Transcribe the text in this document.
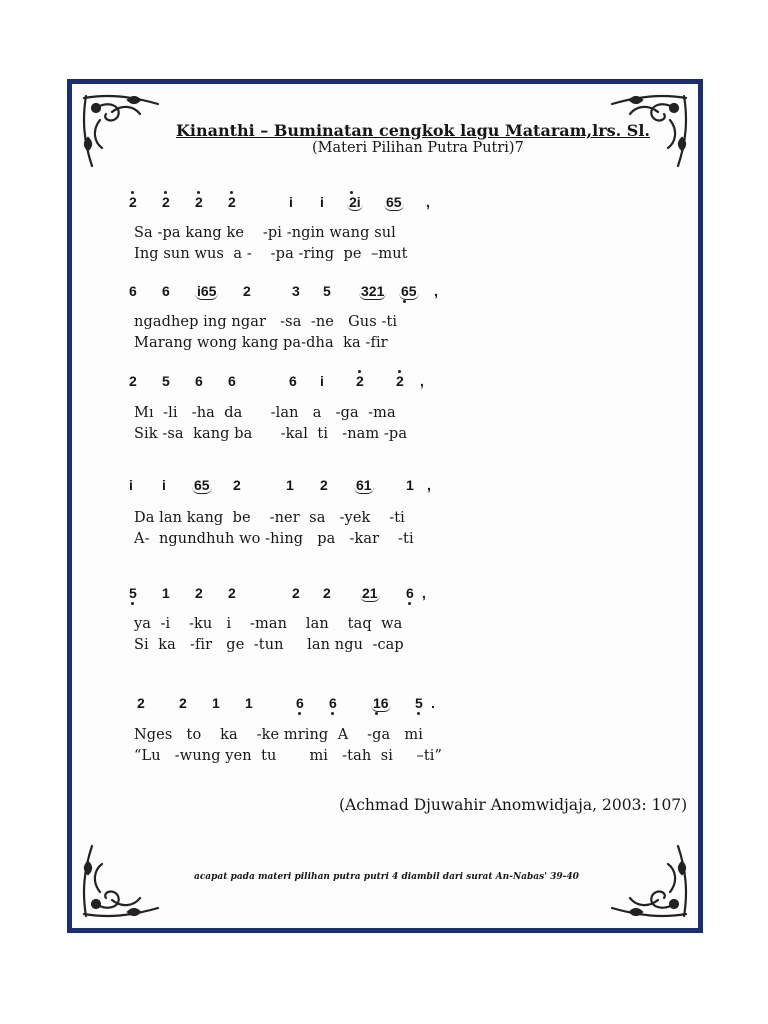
Kinanthi – Buminatan cengkok lagu Mataram,lrs. Sl.
(Materi Pilihan Putra Putri)7
2 2 2 2	i i 2i 65 ,
Sa -pa kang ke    -pi -ngin wang sul
Ing sun wus  a -    -pa -ring  pe  –mut
6 6 i65 2	3 5 321 65 ,
ngadhep ing ngar   -sa  -ne   Gus -ti
Marang wong kang pa-dha  ka -fir
2 5 6 6	6 i 2 2 ,
Mı  -li   -ha  da      -lan   a   -ga  -ma
Sik -sa  kang ba      -kal  ti   -nam -pa
i i 65 2	1 2 61 1 ,
Da lan kang  be    -ner  sa   -yek    -ti
A-  ngundhuh wo -hing   pa   -kar    -ti
5 1 2 2	2 2 21 6 ,
ya  -i    -ku   i    -man    lan    taq  wa
Si  ka   -fir   ge  -tun     lan ngu  -cap
2 2 1 1	6 6	16 5 .
Nges   to    ka    -ke mring  A    -ga   mi
“Lu   -wung yen  tu       mi   -tah  si     –ti”
(Achmad Djuwahir Anomwidjaja, 2003: 107)
acapat pada materi pilihan putra putri 4 diambil dari surat An-Nabas' 39-40
